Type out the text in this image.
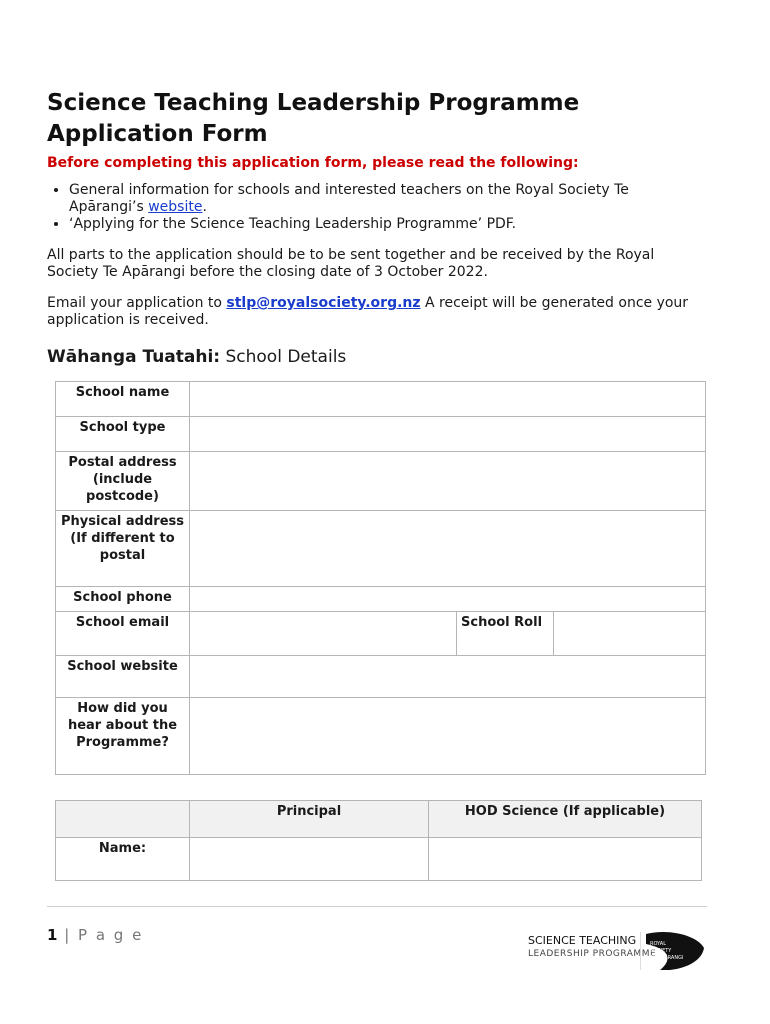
Science Teaching Leadership Programme
Application Form
Before completing this application form, please read the following:
• General information for schools and interested teachers on the Royal Society Te Apārangi’s website.
• ‘Applying for the Science Teaching Leadership Programme’ PDF.

All parts to the application should be to be sent together and be received by the Royal Society Te Apārangi before the closing date of 3 October 2022.

Email your application to stlp@royalsociety.org.nz A receipt will be generated once your application is received.

Wāhanga Tuatahi: School Details
School name			
School type			
Postal address (include postcode)			
Physical address (If different to postal			
School phone			
School email		School Roll	
School website			
How did you hear about the Programme?			
	Principal	HOD Science (If applicable)
Name:		
1 | P a g e	SCIENCE TEACHING
LEADERSHIP PROGRAMME
ROYAL
SOCIETY
TE APĀRANGI
